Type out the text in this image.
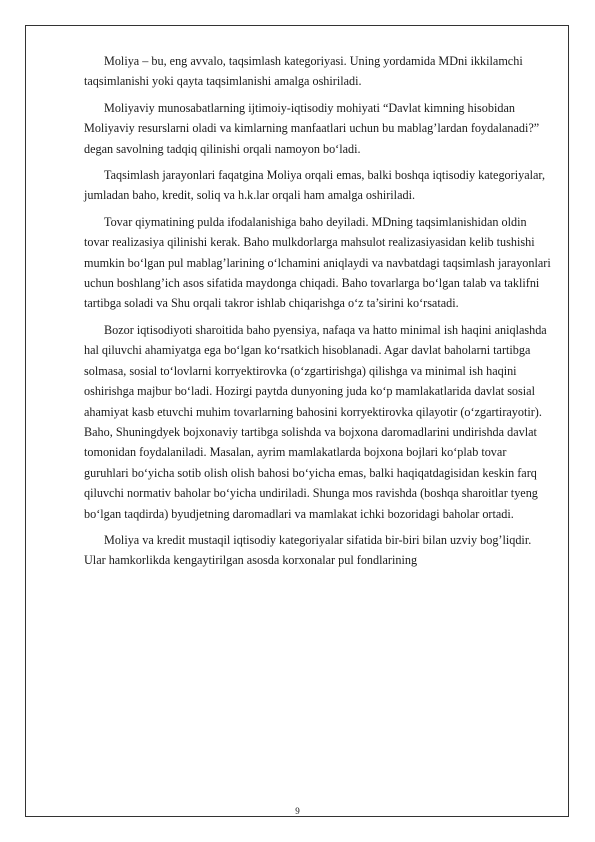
Moliya – bu, eng avvalo, taqsimlash kategoriyasi. Uning yordamida MDni ikkilamchi taqsimlanishi yoki qayta taqsimlanishi amalga oshiriladi.

Moliyaviy munosabatlarning ijtimoiy-iqtisodiy mohiyati “Davlat kimning hisobidan Moliyaviy resurslarni oladi va kimlarning manfaatlari uchun bu mablag’lardan foydalanadi?” degan savolning tadqiq qilinishi orqali namoyon bo‘ladi.

Taqsimlash jarayonlari faqatgina Moliya orqali emas, balki boshqa iqtisodiy kategoriyalar, jumladan baho, kredit, soliq va h.k.lar orqali ham amalga oshiriladi.

Tovar qiymatining pulda ifodalanishiga baho deyiladi. MDning taqsimlanishidan oldin tovar realizasiya qilinishi kerak. Baho mulkdorlarga mahsulot realizasiyasidan kelib tushishi mumkin bo‘lgan pul mablag’larining o‘lchamini aniqlaydi va navbatdagi taqsimlash jarayonlari uchun boshlang’ich asos sifatida maydonga chiqadi. Baho tovarlarga bo‘lgan talab va taklifni tartibga soladi va Shu orqali takror ishlab chiqarishga o‘z ta’sirini ko‘rsatadi.

Bozor iqtisodiyoti sharoitida baho pyensiya, nafaqa va hatto minimal ish haqini aniqlashda hal qiluvchi ahamiyatga ega bo‘lgan ko‘rsatkich hisoblanadi. Agar davlat baholarni tartibga solmasa, sosial to‘lovlarni korryektirovka (o‘zgartirishga) qilishga va minimal ish haqini oshirishga majbur bo‘ladi. Hozirgi paytda dunyoning juda ko‘p mamlakatlarida davlat sosial ahamiyat kasb etuvchi muhim tovarlarning bahosini korryektirovka qilayotir (o‘zgartirayotir). Baho, Shuningdyek bojxonaviy tartibga solishda va bojxona daromadlarini undirishda davlat tomonidan foydalaniladi. Masalan, ayrim mamlakatlarda bojxona bojlari ko‘plab tovar guruhlari bo‘yicha sotib olish olish bahosi bo‘yicha emas, balki haqiqatdagisidan keskin farq qiluvchi normativ baholar bo‘yicha undiriladi. Shunga mos ravishda (boshqa sharoitlar tyeng bo‘lgan taqdirda) byudjetning daromadlari va mamlakat ichki bozoridagi baholar ortadi.

Moliya va kredit mustaqil iqtisodiy kategoriyalar sifatida bir-biri bilan uzviy bog’liqdir. Ular hamkorlikda kengaytirilgan asosda korxonalar pul fondlarining

9
